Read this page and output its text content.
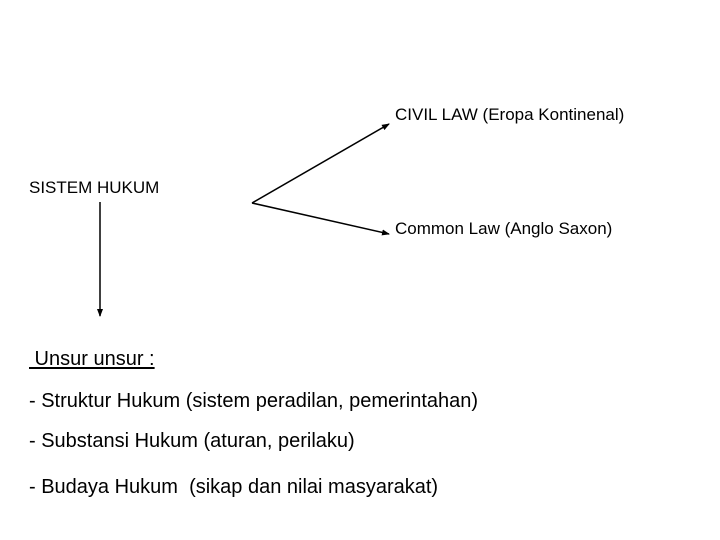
CIVIL LAW (Eropa Kontinenal)
Common Law (Anglo Saxon)
SISTEM HUKUM
Unsur unsur :
- Struktur Hukum (sistem peradilan, pemerintahan)
- Substansi Hukum (aturan, perilaku)
- Budaya Hukum  (sikap dan nilai masyarakat)
